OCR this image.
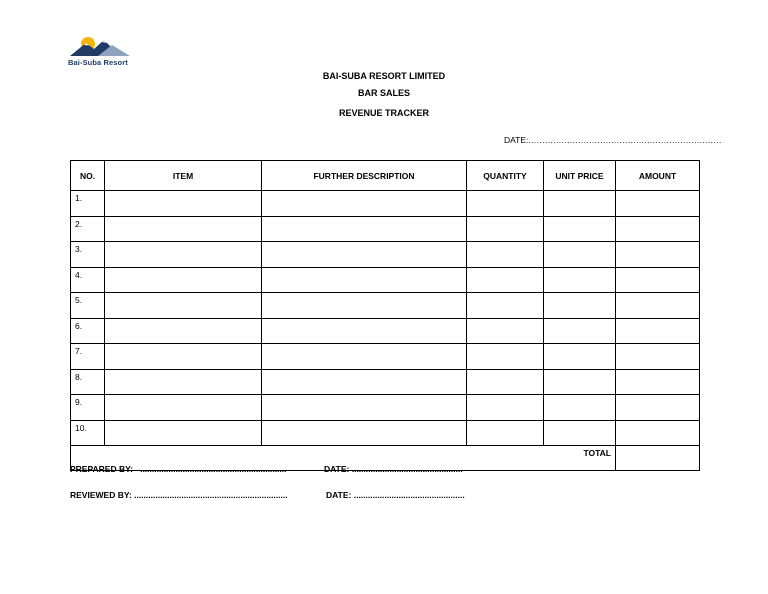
Bai-Suba Resort
BAI-SUBA RESORT LIMITED
BAR SALES
REVENUE TRACKER
DATE:......................................................................
NO.	ITEM	FURTHER DESCRIPTION	QUANTITY	UNIT PRICE	AMOUNT
1.					
2.					
3.					
4.					
5.					
6.					
7.					
8.					
9.					
10.					
TOTAL					
PREPARED BY: ..............................................................	DATE: ...............................................
REVIEWED BY: .................................................................	DATE: ...............................................
